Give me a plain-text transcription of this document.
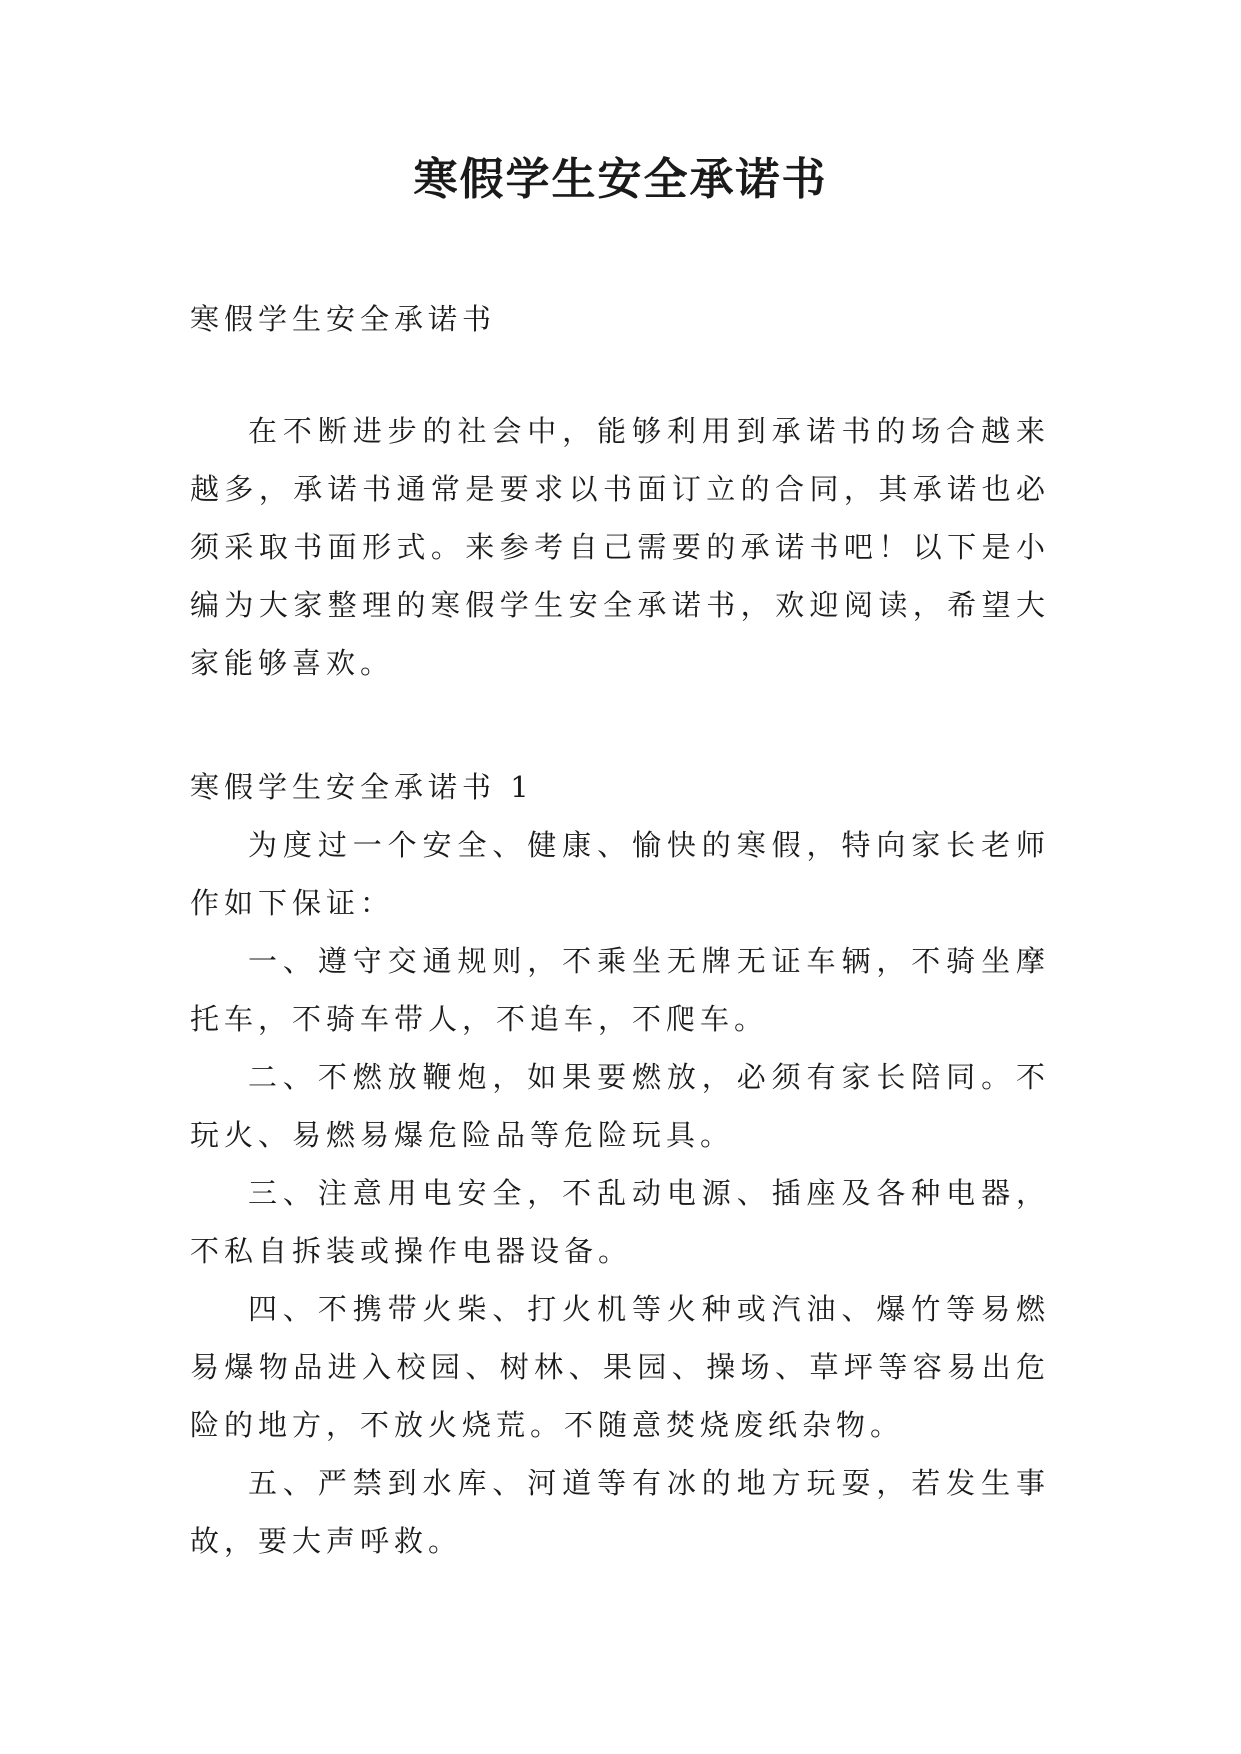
寒假学生安全承诺书

寒假学生安全承诺书

在不断进步的社会中，能够利用到承诺书的场合越来越多，承诺书通常是要求以书面订立的合同，其承诺也必须采取书面形式。来参考自己需要的承诺书吧！以下是小编为大家整理的寒假学生安全承诺书，欢迎阅读，希望大家能够喜欢。

寒假学生安全承诺书 1

为度过一个安全、健康、愉快的寒假，特向家长老师作如下保证：

一、遵守交通规则，不乘坐无牌无证车辆，不骑坐摩托车，不骑车带人，不追车，不爬车。

二、不燃放鞭炮，如果要燃放，必须有家长陪同。不玩火、易燃易爆危险品等危险玩具。

三、注意用电安全，不乱动电源、插座及各种电器，不私自拆装或操作电器设备。

四、不携带火柴、打火机等火种或汽油、爆竹等易燃易爆物品进入校园、树林、果园、操场、草坪等容易出危险的地方，不放火烧荒。不随意焚烧废纸杂物。

五、严禁到水库、河道等有冰的地方玩耍，若发生事故，要大声呼救。
